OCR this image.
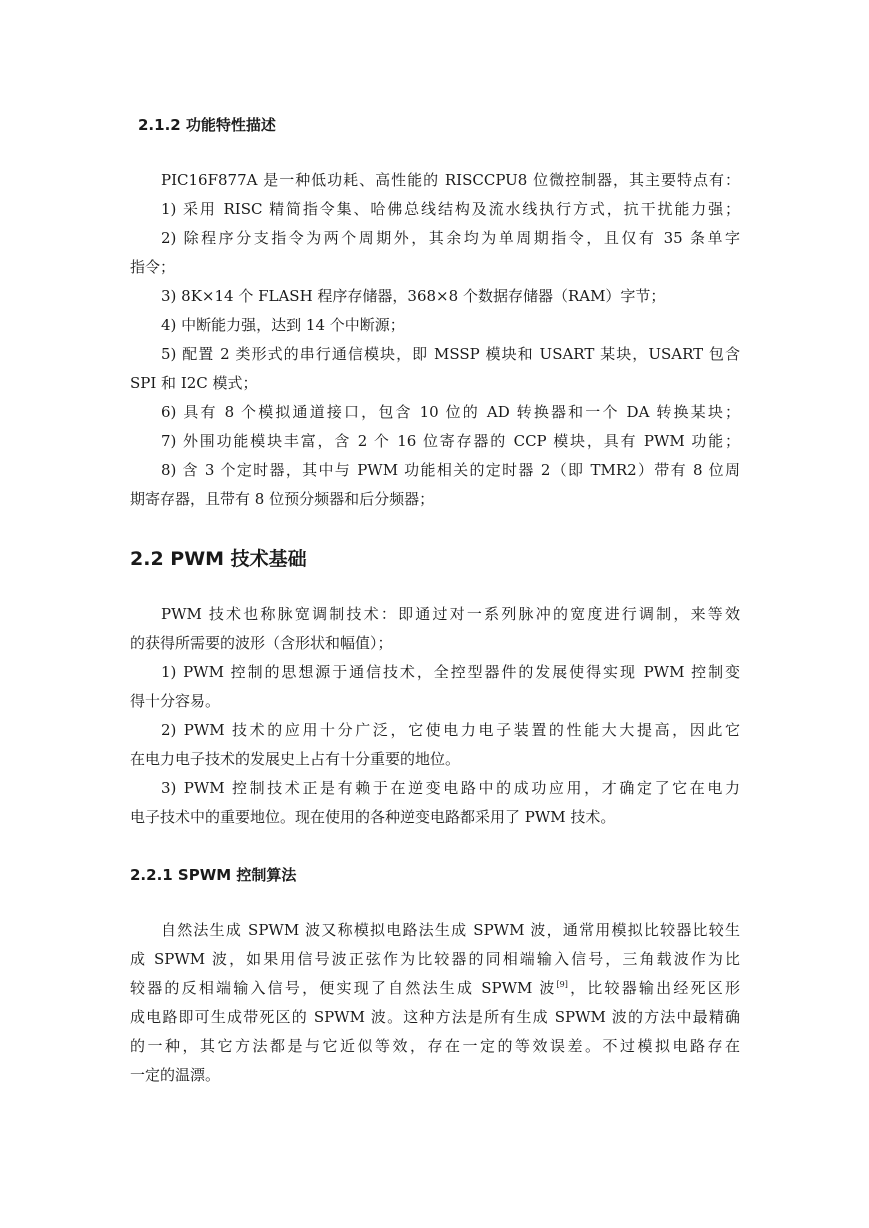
2.1.2 功能特性描述
PIC16F877A 是一种低功耗、高性能的 RISCCPU8 位微控制器，其主要特点有：
1) 采用 RISC 精简指令集、哈佛总线结构及流水线执行方式，抗干扰能力强；
2) 除程序分支指令为两个周期外，其余均为单周期指令，且仅有 35 条单字
指令；
3) 8K×14 个 FLASH 程序存储器，368×8 个数据存储器（RAM）字节；
4) 中断能力强，达到 14 个中断源；
5) 配置 2 类形式的串行通信模块，即 MSSP 模块和 USART 某块，USART 包含
SPI 和 I2C 模式；
6) 具有 8 个模拟通道接口，包含 10 位的 AD 转换器和一个 DA 转换某块；
7) 外围功能模块丰富，含 2 个 16 位寄存器的 CCP 模块，具有 PWM 功能；
8) 含 3 个定时器，其中与 PWM 功能相关的定时器 2（即 TMR2）带有 8 位周
期寄存器，且带有 8 位预分频器和后分频器；
2.2 PWM 技术基础
PWM 技术也称脉宽调制技术：即通过对一系列脉冲的宽度进行调制，来等效
的获得所需要的波形（含形状和幅值）；
1) PWM 控制的思想源于通信技术，全控型器件的发展使得实现 PWM 控制变
得十分容易。
2) PWM 技术的应用十分广泛，它使电力电子装置的性能大大提高，因此它
在电力电子技术的发展史上占有十分重要的地位。
3) PWM 控制技术正是有赖于在逆变电路中的成功应用，才确定了它在电力
电子技术中的重要地位。现在使用的各种逆变电路都采用了 PWM 技术。
2.2.1 SPWM 控制算法
自然法生成 SPWM 波又称模拟电路法生成 SPWM 波，通常用模拟比较器比较生
成 SPWM 波，如果用信号波正弦作为比较器的同相端输入信号，三角载波作为比
较器的反相端输入信号，便实现了自然法生成 SPWM 波[9]，比较器输出经死区形
成电路即可生成带死区的 SPWM 波。这种方法是所有生成 SPWM 波的方法中最精确
的一种，其它方法都是与它近似等效，存在一定的等效误差。不过模拟电路存在
一定的温漂。
